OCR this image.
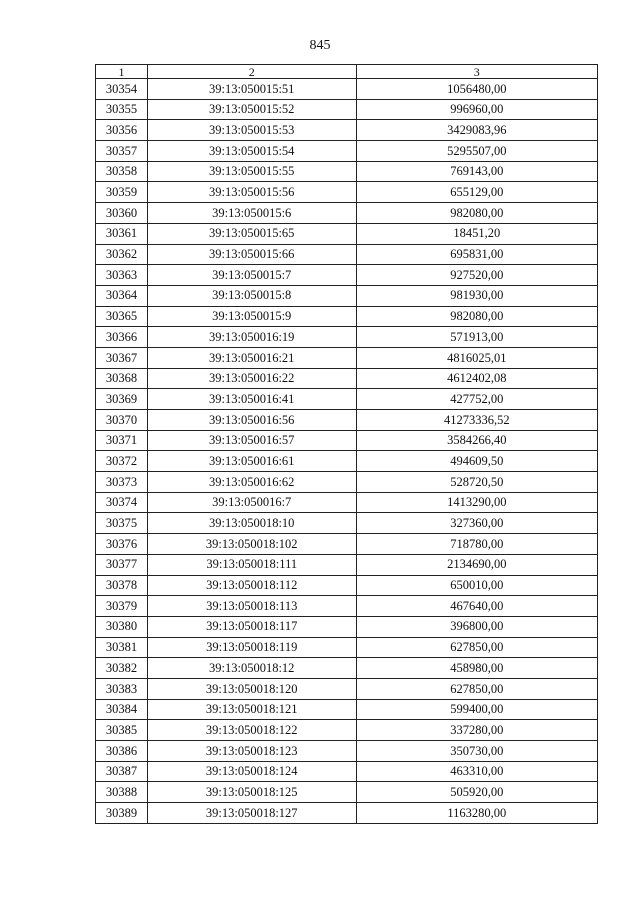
845
1	2	3
30354	39:13:050015:51	1056480,00
30355	39:13:050015:52	996960,00
30356	39:13:050015:53	3429083,96
30357	39:13:050015:54	5295507,00
30358	39:13:050015:55	769143,00
30359	39:13:050015:56	655129,00
30360	39:13:050015:6	982080,00
30361	39:13:050015:65	18451,20
30362	39:13:050015:66	695831,00
30363	39:13:050015:7	927520,00
30364	39:13:050015:8	981930,00
30365	39:13:050015:9	982080,00
30366	39:13:050016:19	571913,00
30367	39:13:050016:21	4816025,01
30368	39:13:050016:22	4612402,08
30369	39:13:050016:41	427752,00
30370	39:13:050016:56	41273336,52
30371	39:13:050016:57	3584266,40
30372	39:13:050016:61	494609,50
30373	39:13:050016:62	528720,50
30374	39:13:050016:7	1413290,00
30375	39:13:050018:10	327360,00
30376	39:13:050018:102	718780,00
30377	39:13:050018:111	2134690,00
30378	39:13:050018:112	650010,00
30379	39:13:050018:113	467640,00
30380	39:13:050018:117	396800,00
30381	39:13:050018:119	627850,00
30382	39:13:050018:12	458980,00
30383	39:13:050018:120	627850,00
30384	39:13:050018:121	599400,00
30385	39:13:050018:122	337280,00
30386	39:13:050018:123	350730,00
30387	39:13:050018:124	463310,00
30388	39:13:050018:125	505920,00
30389	39:13:050018:127	1163280,00
